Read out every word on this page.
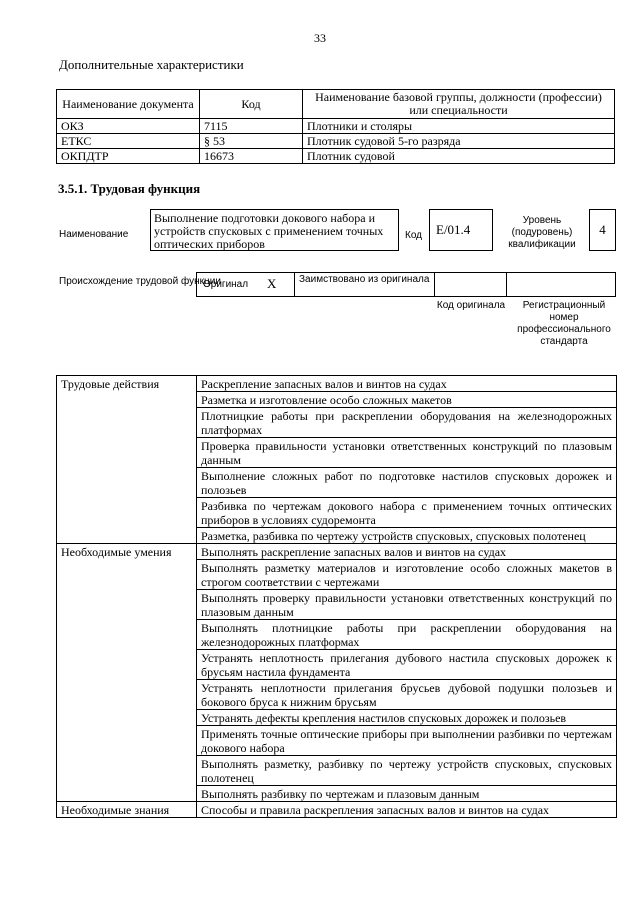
33
Дополнительные характеристики
Наименование документа	Код	Наименование базовой группы, должности (профессии) или специальности
ОКЗ	7115	Плотники и столяры
ЕТКС	§ 53	Плотник судовой 5-го разряда
ОКПДТР	16673	Плотник судовой
3.5.1. Трудовая функция
Наименование
Выполнение подготовки докового набора и устройств спусковых с применением точных оптических приборов
Код	E/01.4
Уровень (подуровень) квалификации
4
Происхождение трудовой функции
Оригинал X Заимствовано из оригинала
Код оригинала	Регистрационный номер профессионального стандарта
Трудовые действия	Раскрепление запасных валов и винтов на судах
	Разметка и изготовление особо сложных макетов
	Плотницкие работы при раскреплении оборудования на железнодорожных платформах
	Проверка правильности установки ответственных конструкций по плазовым данным
	Выполнение сложных работ по подготовке настилов спусковых дорожек и полозьев
	Разбивка по чертежам докового набора с применением точных оптических приборов в условиях судоремонта
	Разметка, разбивка по чертежу устройств спусковых, спусковых полотенец
Необходимые умения	Выполнять раскрепление запасных валов и винтов на судах
	Выполнять разметку материалов и изготовление особо сложных макетов в строгом соответствии с чертежами
	Выполнять проверку правильности установки ответственных конструкций по плазовым данным
	Выполнять плотницкие работы при раскреплении оборудования на железнодорожных платформах
	Устранять неплотность прилегания дубового настила спусковых дорожек к брусьям настила фундамента
	Устранять неплотности прилегания брусьев дубовой подушки полозьев и бокового бруса к нижним брусьям
	Устранять дефекты крепления настилов спусковых дорожек и полозьев
	Применять точные оптические приборы при выполнении разбивки по чертежам докового набора
	Выполнять разметку, разбивку по чертежу устройств спусковых, спусковых полотенец
	Выполнять разбивку по чертежам и плазовым данным
Необходимые знания	Способы и правила раскрепления запасных валов и винтов на судах
